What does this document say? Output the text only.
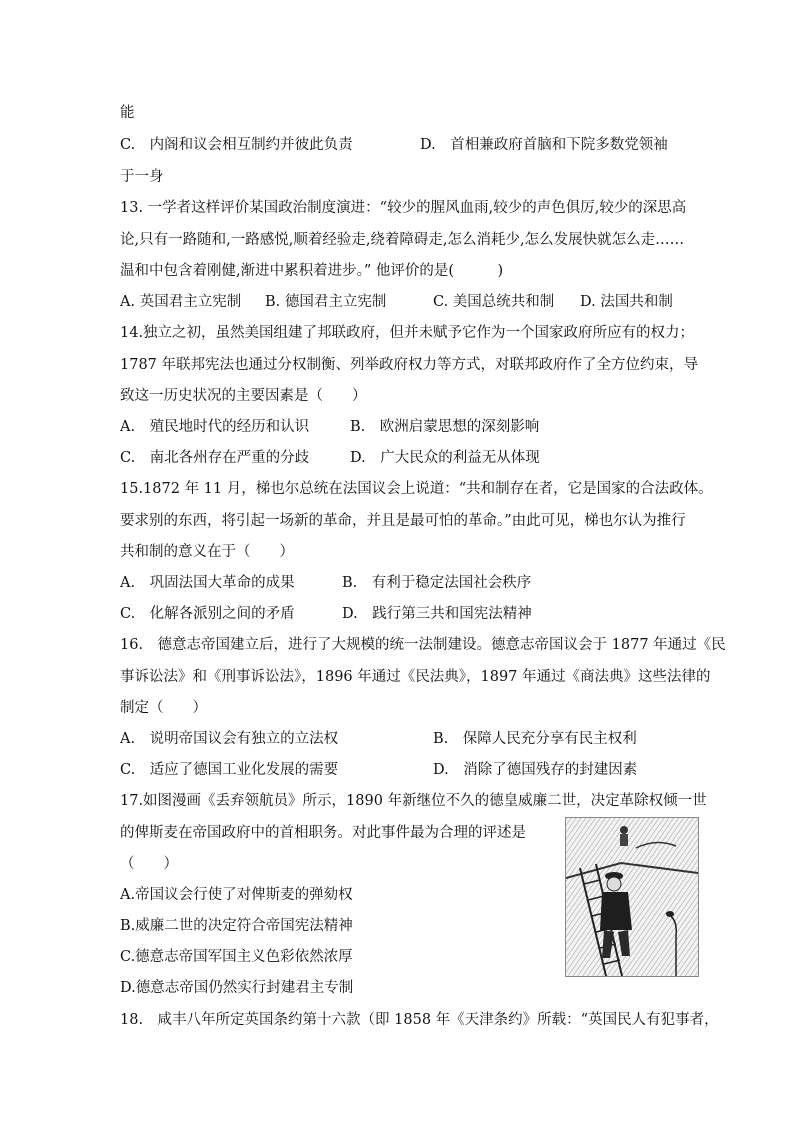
能
C.　内阁和议会相互制约并彼此负责	D.　首相兼政府首脑和下院多数党领袖
于一身
13. 一学者这样评价某国政治制度演进：“较少的腥风血雨,较少的声色俱厉,较少的深思高
论,只有一路随和,一路感悦,顺着经验走,绕着障碍走,怎么消耗少,怎么发展快就怎么走……
温和中包含着刚健,渐进中累积着进步。” 他评价的是(　　　)
A. 英国君主立宪制 B. 德国君主立宪制	C. 美国总统共和制 D. 法国共和制
14.独立之初，虽然美国组建了邦联政府，但并未赋予它作为一个国家政府所应有的权力；
1787 年联邦宪法也通过分权制衡、列举政府权力等方式，对联邦政府作了全方位约束，导
致这一历史状况的主要因素是（　　）
A.　殖民地时代的经历和认识	B.　欧洲启蒙思想的深刻影响
C.　南北各州存在严重的分歧	D.　广大民众的利益无从体现
15.1872 年 11 月，梯也尔总统在法国议会上说道：“共和制存在者，它是国家的合法政体。
要求别的东西，将引起一场新的革命，并且是最可怕的革命。”由此可见，梯也尔认为推行
共和制的意义在于（　　）
A.　巩固法国大革命的成果	B.　有利于稳定法国社会秩序
C.　化解各派别之间的矛盾	D.　践行第三共和国宪法精神
16.　德意志帝国建立后，进行了大规模的统一法制建设。德意志帝国议会于 1877 年通过《民
事诉讼法》和《刑事诉讼法》，1896 年通过《民法典》，1897 年通过《商法典》这些法律的
制定（　　）
A.　说明帝国议会有独立的立法权	B.　保障人民充分享有民主权利
C.　适应了德国工业化发展的需要	D.　消除了德国残存的封建因素
17.如图漫画《丢弃领航员》所示，1890 年新继位不久的德皇威廉二世，决定革除权倾一世
的俾斯麦在帝国政府中的首相职务。对此事件最为合理的评述是
（　　）
A.帝国议会行使了对俾斯麦的弹劾权
B.威廉二世的决定符合帝国宪法精神
C.德意志帝国军国主义色彩依然浓厚
D.德意志帝国仍然实行封建君主专制
18.　咸丰八年所定英国条约第十六款（即 1858 年《天津条约》所载：“英国民人有犯事者，
